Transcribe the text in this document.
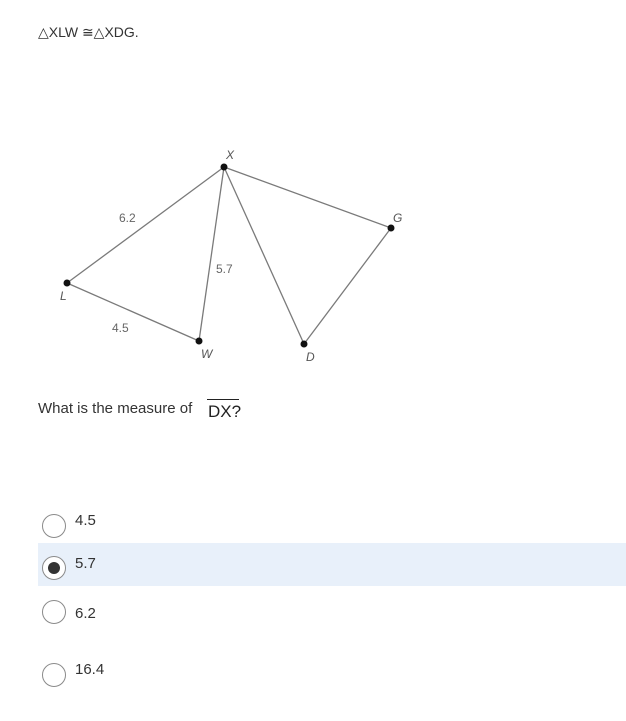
△XLW ≅△XDG.
X
L
W	D
G
6.2
5.7
4.5
What is the measure of DX?
4.5
5.7
6.2
16.4
